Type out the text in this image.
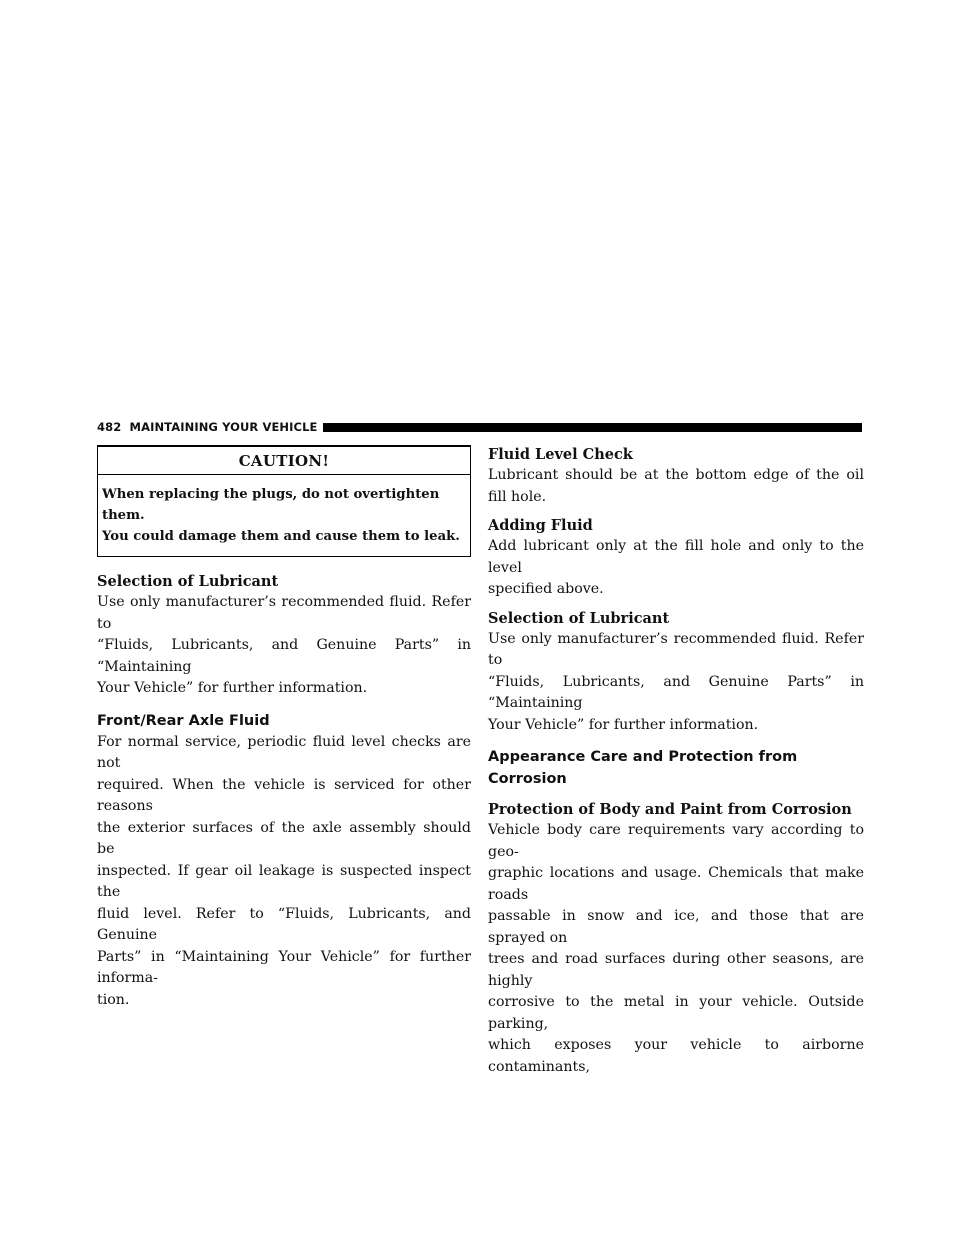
482 MAINTAINING YOUR VEHICLE
CAUTION!
When replacing the plugs, do not overtighten them.
You could damage them and cause them to leak.
Selection of Lubricant

Use only manufacturer’s recommended fluid. Refer to
“Fluids, Lubricants, and Genuine Parts” in “Maintaining
Your Vehicle” for further information.

Front/Rear Axle Fluid

For normal service, periodic fluid level checks are not
required. When the vehicle is serviced for other reasons
the exterior surfaces of the axle assembly should be
inspected. If gear oil leakage is suspected inspect the
fluid level. Refer to “Fluids, Lubricants, and Genuine
Parts” in “Maintaining Your Vehicle” for further informa-
tion.

Fluid Level Check

Lubricant should be at the bottom edge of the oil fill hole.

Adding Fluid

Add lubricant only at the fill hole and only to the level
specified above.

Selection of Lubricant

Use only manufacturer’s recommended fluid. Refer to
“Fluids, Lubricants, and Genuine Parts” in “Maintaining
Your Vehicle” for further information.

Appearance Care and Protection from Corrosion
Protection of Body and Paint from Corrosion

Vehicle body care requirements vary according to geo-
graphic locations and usage. Chemicals that make roads
passable in snow and ice, and those that are sprayed on
trees and road surfaces during other seasons, are highly
corrosive to the metal in your vehicle. Outside parking,
which exposes your vehicle to airborne contaminants,
